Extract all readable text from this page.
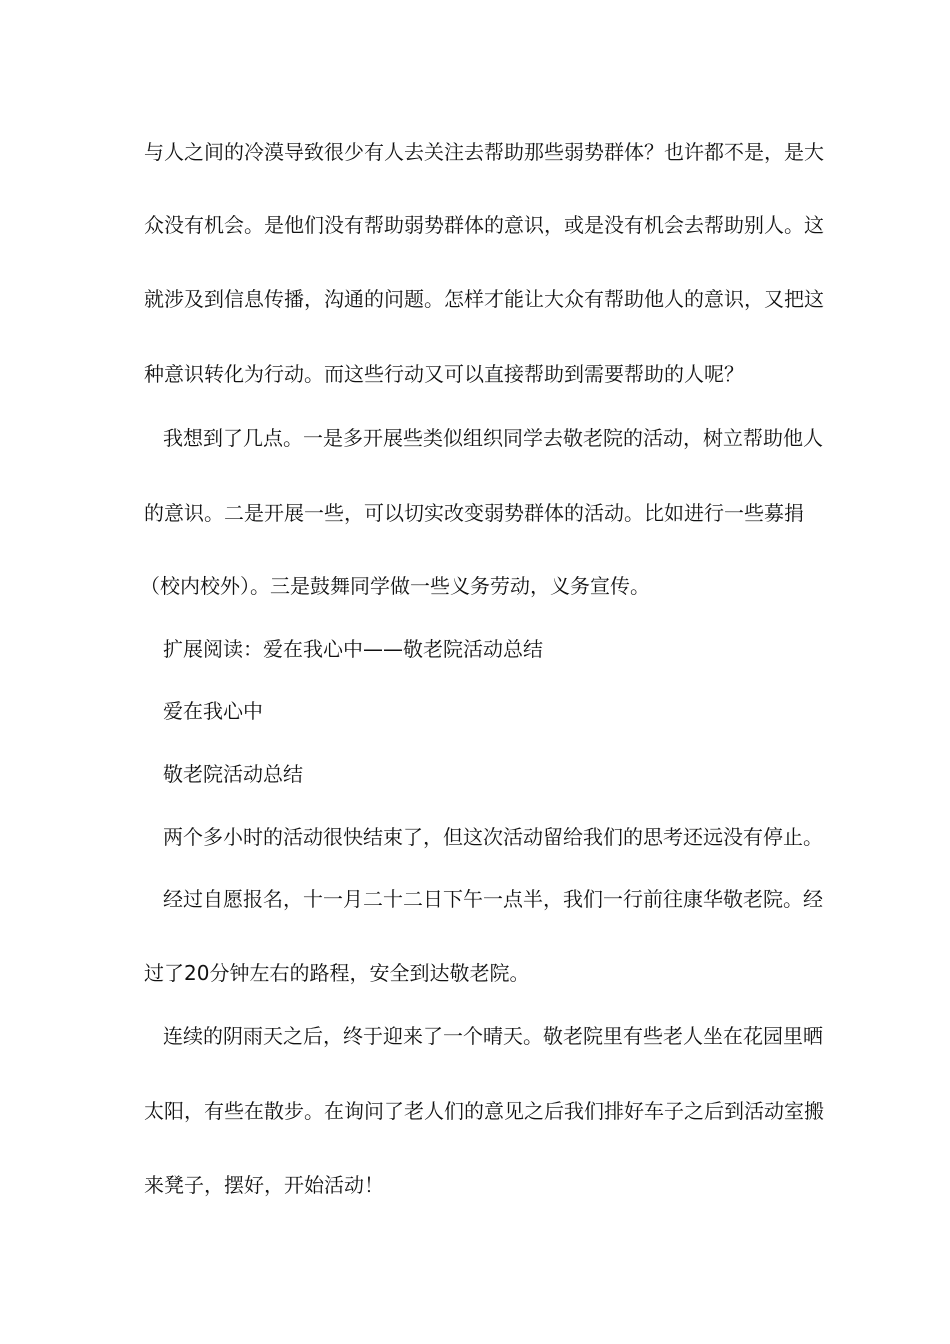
与人之间的冷漠导致很少有人去关注去帮助那些弱势群体？也许都不是，是大
众没有机会。是他们没有帮助弱势群体的意识，或是没有机会去帮助别人。这
就涉及到信息传播，沟通的问题。怎样才能让大众有帮助他人的意识，又把这
种意识转化为行动。而这些行动又可以直接帮助到需要帮助的人呢？
我想到了几点。一是多开展些类似组织同学去敬老院的活动，树立帮助他人
的意识。二是开展一些，可以切实改变弱势群体的活动。比如进行一些募捐
（校内校外）。三是鼓舞同学做一些义务劳动，义务宣传。
扩展阅读：爱在我心中——敬老院活动总结
爱在我心中
敬老院活动总结
两个多小时的活动很快结束了，但这次活动留给我们的思考还远没有停止。
经过自愿报名，十一月二十二日下午一点半，我们一行前往康华敬老院。经
过了20分钟左右的路程，安全到达敬老院。
连续的阴雨天之后，终于迎来了一个晴天。敬老院里有些老人坐在花园里晒
太阳，有些在散步。在询问了老人们的意见之后我们排好车子之后到活动室搬
来凳子，摆好，开始活动！
